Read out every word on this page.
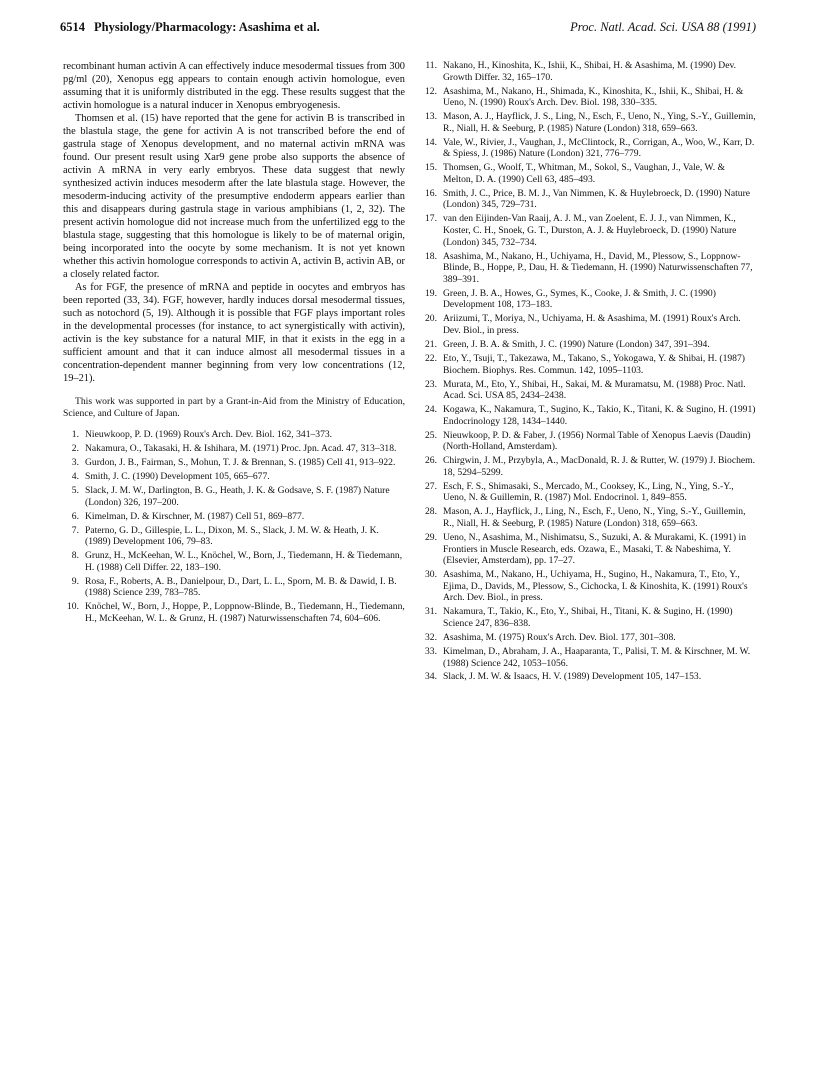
6514 Physiology/Pharmacology: Asashima et al.	Proc. Natl. Acad. Sci. USA 88 (1991)

recombinant human activin A can effectively induce mesodermal tissues from 300 pg/ml (20), Xenopus egg appears to contain enough activin homologue, even assuming that it is uniformly distributed in the egg. These results suggest that the activin homologue is a natural inducer in Xenopus embryogenesis.

Thomsen et al. (15) have reported that the gene for activin B is transcribed in the blastula stage, the gene for activin A is not transcribed before the end of gastrula stage of Xenopus development, and no maternal activin mRNA was found. Our present result using Xar9 gene probe also supports the absence of activin A mRNA in very early embryos. These data suggest that newly synthesized activin induces mesoderm after the late blastula stage. However, the mesoderm-inducing activity of the presumptive endoderm appears earlier than this and disappears during gastrula stage in various amphibians (1, 2, 32). The present activin homologue did not increase much from the unfertilized egg to the blastula stage, suggesting that this homologue is likely to be of maternal origin, being incorporated into the oocyte by some mechanism. It is not yet known whether this activin homologue corresponds to activin A, activin B, activin AB, or a closely related factor.

As for FGF, the presence of mRNA and peptide in oocytes and embryos has been reported (33, 34). FGF, however, hardly induces dorsal mesodermal tissues, such as notochord (5, 19). Although it is possible that FGF plays important roles in the developmental processes (for instance, to act synergistically with activin), activin is the key substance for a natural MIF, in that it exists in the egg in a sufficient amount and that it can induce almost all mesodermal tissues in a concentration-dependent manner beginning from very low concentrations (12, 19–21).

This work was supported in part by a Grant-in-Aid from the Ministry of Education, Science, and Culture of Japan.

1. Nieuwkoop, P. D. (1969) Roux's Arch. Dev. Biol. 162, 341–373.
2. Nakamura, O., Takasaki, H. & Ishihara, M. (1971) Proc. Jpn. Acad. 47, 313–318.
3. Gurdon, J. B., Fairman, S., Mohun, T. J. & Brennan, S. (1985) Cell 41, 913–922.
4. Smith, J. C. (1990) Development 105, 665–677.
5. Slack, J. M. W., Darlington, B. G., Heath, J. K. & Godsave, S. F. (1987) Nature (London) 326, 197–200.
6. Kimelman, D. & Kirschner, M. (1987) Cell 51, 869–877.
7. Paterno, G. D., Gillespie, L. L., Dixon, M. S., Slack, J. M. W. & Heath, J. K. (1989) Development 106, 79–83.
8. Grunz, H., McKeehan, W. L., Knöchel, W., Born, J., Tiedemann, H. & Tiedemann, H. (1988) Cell Differ. 22, 183–190.
9. Rosa, F., Roberts, A. B., Danielpour, D., Dart, L. L., Sporn, M. B. & Dawid, I. B. (1988) Science 239, 783–785.
10. Knöchel, W., Born, J., Hoppe, P., Loppnow-Blinde, B., Tiedemann, H., Tiedemann, H., McKeehan, W. L. & Grunz, H. (1987) Naturwissenschaften 74, 604–606.
11. Nakano, H., Kinoshita, K., Ishii, K., Shibai, H. & Asashima, M. (1990) Dev. Growth Differ. 32, 165–170.
12. Asashima, M., Nakano, H., Shimada, K., Kinoshita, K., Ishii, K., Shibai, H. & Ueno, N. (1990) Roux's Arch. Dev. Biol. 198, 330–335.
13. Mason, A. J., Hayflick, J. S., Ling, N., Esch, F., Ueno, N., Ying, S.-Y., Guillemin, R., Niall, H. & Seeburg, P. (1985) Nature (London) 318, 659–663.
14. Vale, W., Rivier, J., Vaughan, J., McClintock, R., Corrigan, A., Woo, W., Karr, D. & Spiess, J. (1986) Nature (London) 321, 776–779.
15. Thomsen, G., Woolf, T., Whitman, M., Sokol, S., Vaughan, J., Vale, W. & Melton, D. A. (1990) Cell 63, 485–493.
16. Smith, J. C., Price, B. M. J., Van Nimmen, K. & Huylebroeck, D. (1990) Nature (London) 345, 729–731.
17. van den Eijinden-Van Raaij, A. J. M., van Zoelent, E. J. J., van Nimmen, K., Koster, C. H., Snoek, G. T., Durston, A. J. & Huylebroeck, D. (1990) Nature (London) 345, 732–734.
18. Asashima, M., Nakano, H., Uchiyama, H., David, M., Plessow, S., Loppnow-Blinde, B., Hoppe, P., Dau, H. & Tiedemann, H. (1990) Naturwissenschaften 77, 389–391.
19. Green, J. B. A., Howes, G., Symes, K., Cooke, J. & Smith, J. C. (1990) Development 108, 173–183.
20. Ariizumi, T., Moriya, N., Uchiyama, H. & Asashima, M. (1991) Roux's Arch. Dev. Biol., in press.
21. Green, J. B. A. & Smith, J. C. (1990) Nature (London) 347, 391–394.
22. Eto, Y., Tsuji, T., Takezawa, M., Takano, S., Yokogawa, Y. & Shibai, H. (1987) Biochem. Biophys. Res. Commun. 142, 1095–1103.
23. Murata, M., Eto, Y., Shibai, H., Sakai, M. & Muramatsu, M. (1988) Proc. Natl. Acad. Sci. USA 85, 2434–2438.
24. Kogawa, K., Nakamura, T., Sugino, K., Takio, K., Titani, K. & Sugino, H. (1991) Endocrinology 128, 1434–1440.
25. Nieuwkoop, P. D. & Faber, J. (1956) Normal Table of Xenopus Laevis (Daudin) (North-Holland, Amsterdam).
26. Chirgwin, J. M., Przybyla, A., MacDonald, R. J. & Rutter, W. (1979) J. Biochem. 18, 5294–5299.
27. Esch, F. S., Shimasaki, S., Mercado, M., Cooksey, K., Ling, N., Ying, S.-Y., Ueno, N. & Guillemin, R. (1987) Mol. Endocrinol. 1, 849–855.
28. Mason, A. J., Hayflick, J., Ling, N., Esch, F., Ueno, N., Ying, S.-Y., Guillemin, R., Niall, H. & Seeburg, P. (1985) Nature (London) 318, 659–663.
29. Ueno, N., Asashima, M., Nishimatsu, S., Suzuki, A. & Murakami, K. (1991) in Frontiers in Muscle Research, eds. Ozawa, E., Masaki, T. & Nabeshima, Y. (Elsevier, Amsterdam), pp. 17–27.
30. Asashima, M., Nakano, H., Uchiyama, H., Sugino, H., Nakamura, T., Eto, Y., Ejima, D., Davids, M., Plessow, S., Cichocka, I. & Kinoshita, K. (1991) Roux's Arch. Dev. Biol., in press.
31. Nakamura, T., Takio, K., Eto, Y., Shibai, H., Titani, K. & Sugino, H. (1990) Science 247, 836–838.
32. Asashima, M. (1975) Roux's Arch. Dev. Biol. 177, 301–308.
33. Kimelman, D., Abraham, J. A., Haaparanta, T., Palisi, T. M. & Kirschner, M. W. (1988) Science 242, 1053–1056.
34. Slack, J. M. W. & Isaacs, H. V. (1989) Development 105, 147–153.
